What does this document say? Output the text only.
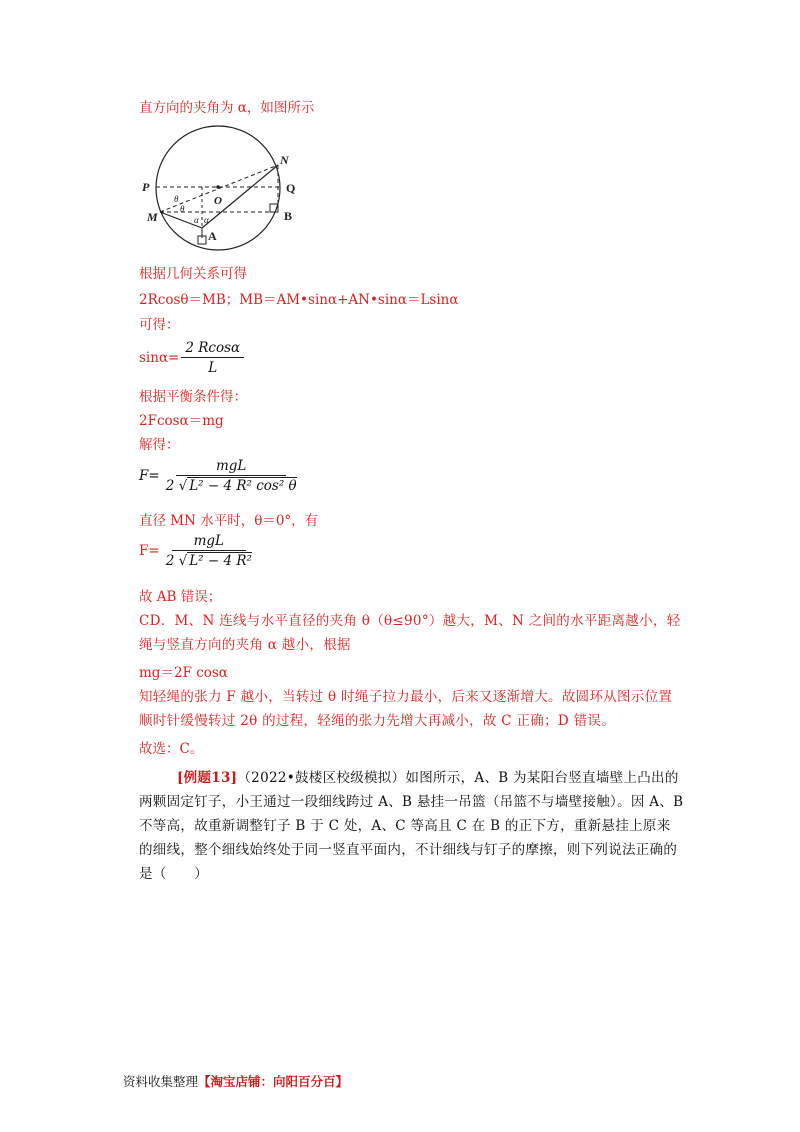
直方向的夹角为 α，如图所示
N
P	Q
O
M	B
A
θ
θ
α α
根据几何关系可得
2Rcosθ＝MB；MB＝AM•sinα+AN•sinα＝Lsinα
可得：
$\sin\alpha= \frac{2 Rcos\alpha}{L}$
根据平衡条件得：
2Fcosα＝mg
解得：
$F= \frac{\text{mgL}}{\text{2 √ L² − 4 R² cos² θ}}$
直径 MN 水平时，θ＝0°，有
$F= \frac{\text{mgL}}{\text{2 √ L² − 4 R²}}$
故 AB 错误；
CD．M、N 连线与水平直径的夹角 θ（θ≤90°）越大，M、N 之间的水平距离越小，轻绳与竖直方向的夹角 α 越小，根据
mg＝2F cosα
知轻绳的张力 F 越小，当转过 θ 时绳子拉力最小，后来又逐渐增大。故圆环从图示位置顺时针缓慢转过 2θ 的过程，轻绳的张力先增大再减小，故 C 正确；D 错误。
故选：C。
[例题13]（2022•鼓楼区校级模拟）如图所示，A、B 为某阳台竖直墙壁上凸出的两颗固定钉子，小王通过一段细线跨过 A、B 悬挂一吊篮（吊篮不与墙壁接触）。因 A、B 不等高，故重新调整钉子 B 于 C 处，A、C 等高且 C 在 B 的正下方，重新悬挂上原来的细线，整个细线始终处于同一竖直平面内，不计细线与钉子的摩擦，则下列说法正确的是（　　）
资料收集整理【淘宝店铺：向阳百分百】
